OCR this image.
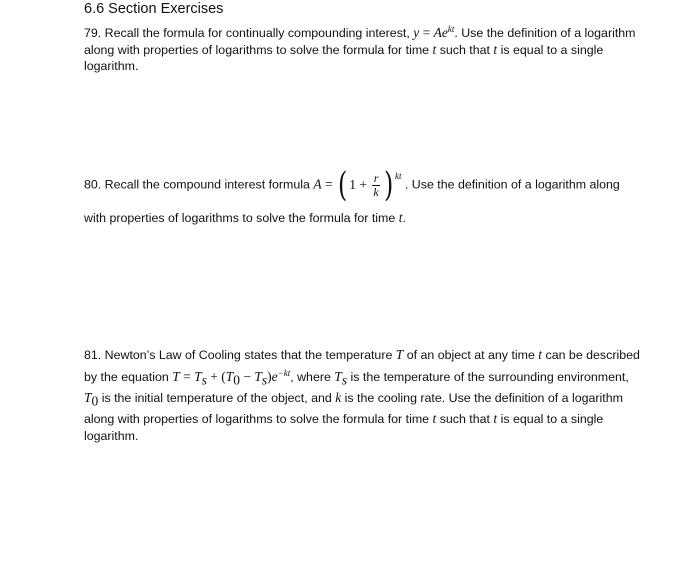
6.6 Section Exercises

79. Recall the formula for continually compounding interest, $y = Ae^{kt}$. Use the definition of a logarithm along with properties of logarithms to solve the formula for time t such that t is equal to a single logarithm.

80. Recall the compound interest formula A = ( $1 + \frac{r}{k}$ ) kt . Use the definition of a logarithm along with properties of logarithms to solve the formula for time t.

81. Newton’s Law of Cooling states that the temperature T of an object at any time t can be described by the equation $T = T_s + (T_0 - T_s)e^{-kt}$, where $T_s$ is the temperature of the surrounding environment, $T_0$ is the initial temperature of the object, and k is the cooling rate. Use the definition of a logarithm along with properties of logarithms to solve the formula for time t such that t is equal to a single logarithm.
